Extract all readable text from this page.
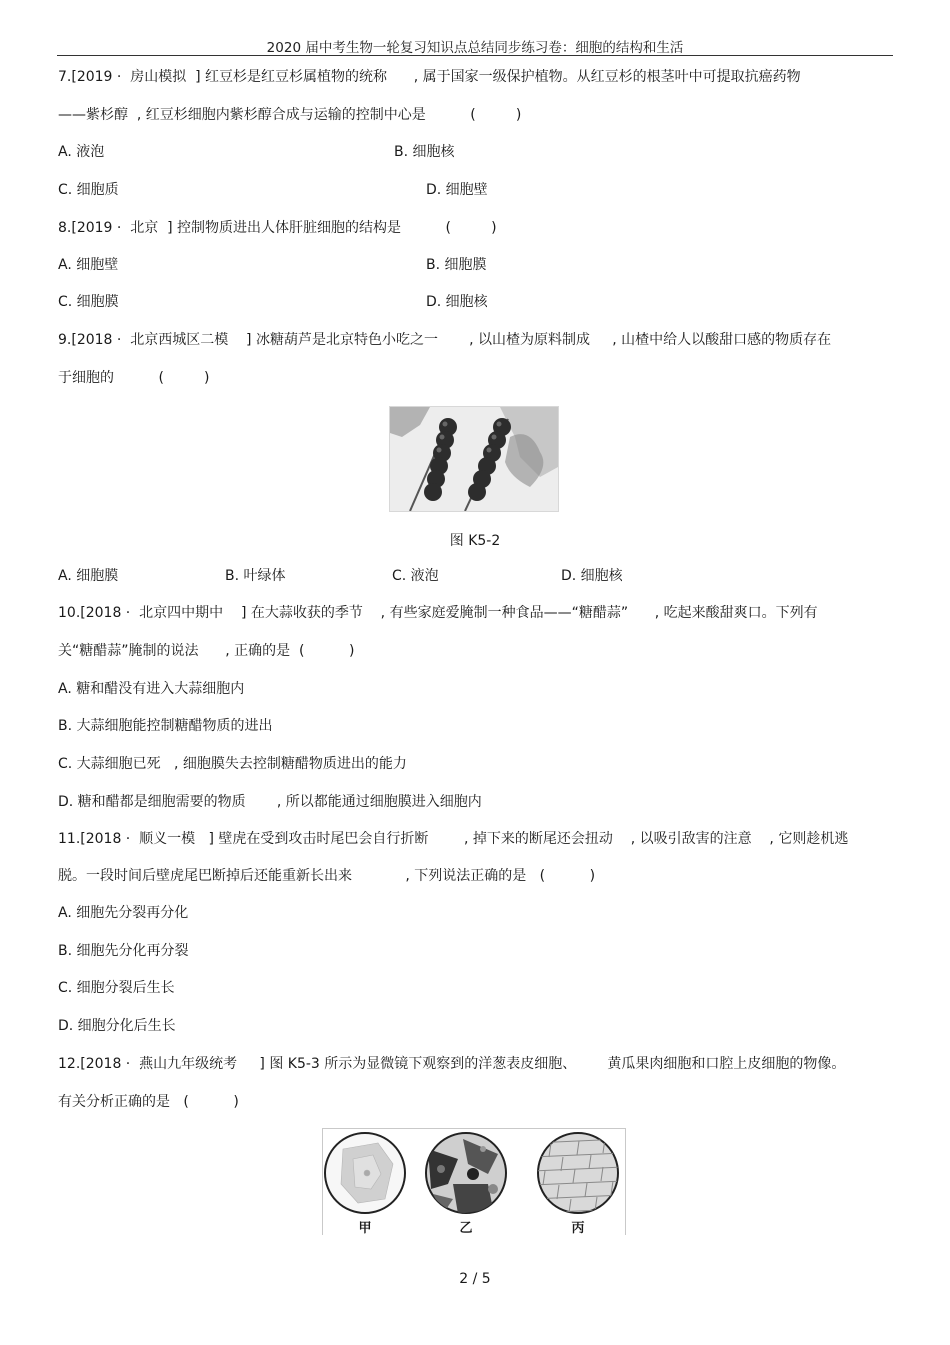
2020 届中考生物一轮复习知识点总结同步练习卷：细胞的结构和生活
7.[2019 ·  房山模拟  ] 红豆杉是红豆杉属植物的统称      , 属于国家一级保护植物。从红豆杉的根茎叶中可提取抗癌药物
——紫杉醇  , 红豆杉细胞内紫杉醇合成与运输的控制中心是          (         )
A. 液泡	B. 细胞核
C. 细胞质	D. 细胞壁
8.[2019 ·  北京  ] 控制物质进出人体肝脏细胞的结构是          (         )
A. 细胞壁	B. 细胞膜
C. 细胞膜	D. 细胞核
9.[2018 ·  北京西城区二模    ] 冰糖葫芦是北京特色小吃之一       , 以山楂为原料制成     , 山楂中给人以酸甜口感的物质存在
于细胞的          (         )
图 K5-2
A. 细胞膜	B. 叶绿体	C. 液泡	D. 细胞核
10.[2018 ·  北京四中期中    ] 在大蒜收获的季节    , 有些家庭爱腌制一种食品——“糖醋蒜”      , 吃起来酸甜爽口。下列有
关“糖醋蒜”腌制的说法      , 正确的是  (          )
A. 糖和醋没有进入大蒜细胞内
B. 大蒜细胞能控制糖醋物质的进出
C. 大蒜细胞已死   , 细胞膜失去控制糖醋物质进出的能力
D. 糖和醋都是细胞需要的物质       , 所以都能通过细胞膜进入细胞内
11.[2018 ·  顺义一模   ] 壁虎在受到攻击时尾巴会自行折断        , 掉下来的断尾还会扭动    , 以吸引敌害的注意    , 它则趁机逃
脱。一段时间后壁虎尾巴断掉后还能重新长出来            , 下列说法正确的是   (          )
A. 细胞先分裂再分化
B. 细胞先分化再分裂
C. 细胞分裂后生长
D. 细胞分化后生长
12.[2018 ·  燕山九年级统考     ] 图 K5-3 所示为显微镜下观察到的洋葱表皮细胞、       黄瓜果肉细胞和口腔上皮细胞的物像。
有关分析正确的是   (          )
甲	乙	丙
2 / 5
